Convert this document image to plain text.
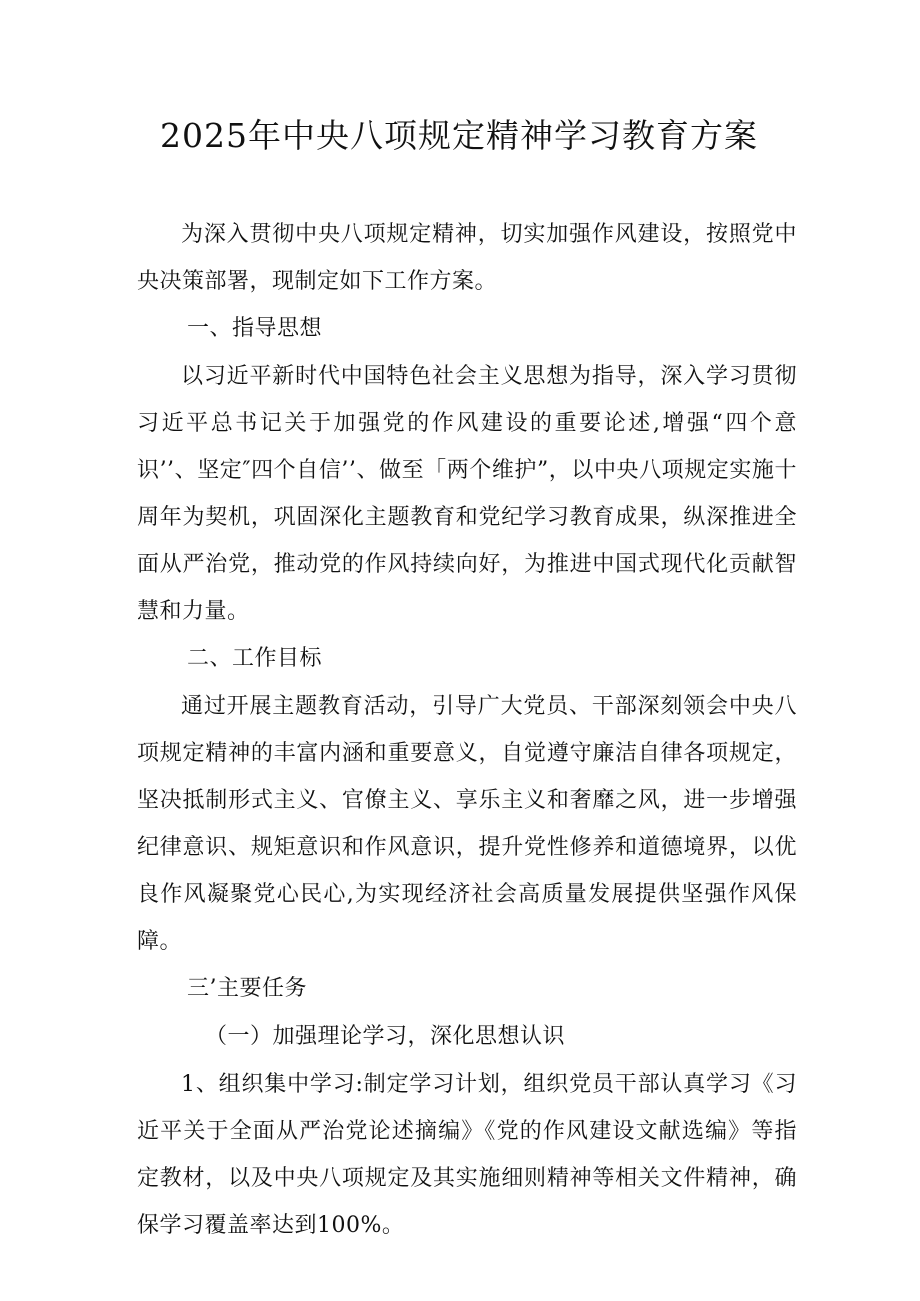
2025年中央八项规定精神学习教育方案

为深入贯彻中央八项规定精神，切实加强作风建设，按照党中央决策部署，现制定如下工作方案。

一、指导思想

以习近平新时代中国特色社会主义思想为指导，深入学习贯彻习近平总书记关于加强党的作风建设的重要论述,增强“四个意识’’、坚定″四个自信’’、做至「两个维护”，以中央八项规定实施十周年为契机，巩固深化主题教育和党纪学习教育成果，纵深推进全面从严治党，推动党的作风持续向好，为推进中国式现代化贡献智慧和力量。

二、工作目标

通过开展主题教育活动，引导广大党员、干部深刻领会中央八项规定精神的丰富内涵和重要意义，自觉遵守廉洁自律各项规定，坚决抵制形式主义、官僚主义、享乐主义和奢靡之风，进一步增强纪律意识、规矩意识和作风意识，提升党性修养和道德境界，以优良作风凝聚党心民心,为实现经济社会高质量发展提供坚强作风保障。

三’主要任务

（一）加强理论学习，深化思想认识

1、组织集中学习:制定学习计划，组织党员干部认真学习《习近平关于全面从严治党论述摘编》《党的作风建设文献选编》等指定教材，以及中央八项规定及其实施细则精神等相关文件精神，确保学习覆盖率达到100%。
